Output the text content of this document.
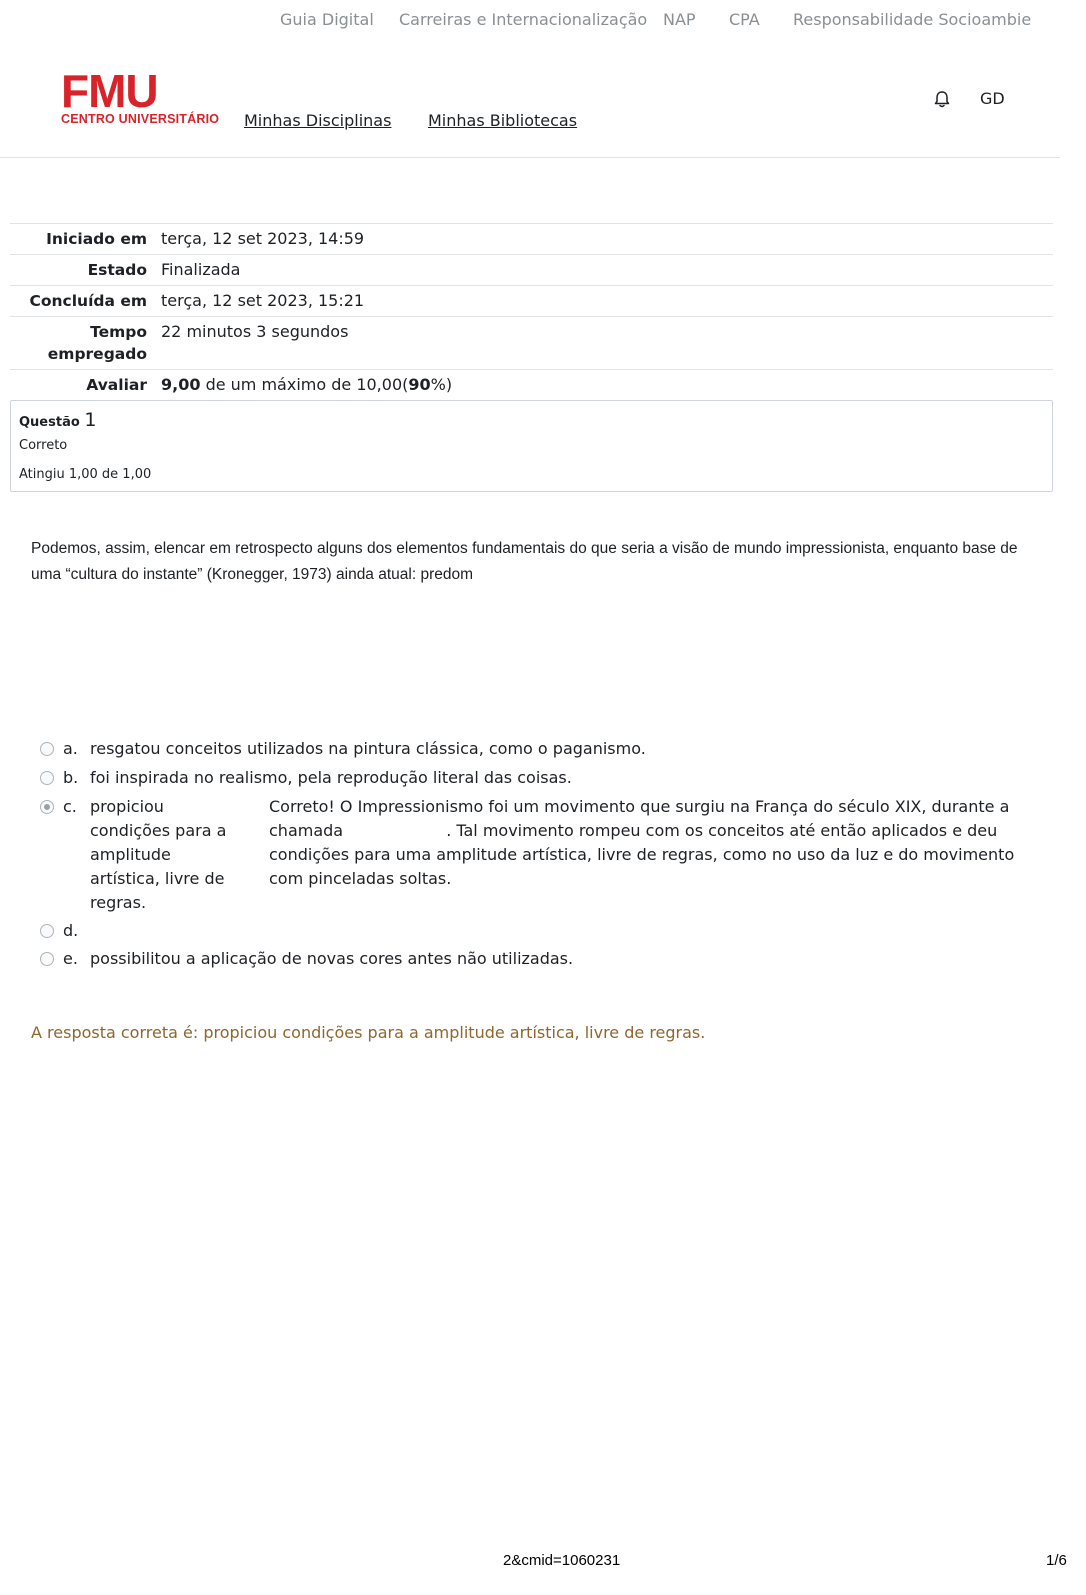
Guia Digital Carreiras e Internacionalização NAP CPA Responsabilidade Socioambie
FMU
CENTRO UNIVERSITÁRIO Minhas Disciplinas Minhas Bibliotecas
GD
Iniciado em	terça, 12 set 2023, 14:59
Estado	Finalizada
Concluída em	terça, 12 set 2023, 15:21
Tempo
empregado	22 minutos 3 segundos
Avaliar	9,00 de um máximo de 10,00(90%)
Questão 1
Correto
Atingiu 1,00 de 1,00
Podemos, assim, elencar em retrospecto alguns dos elementos fundamentais do que seria a visão de mundo impressionista, enquanto base de uma “cultura do instante” (Kronegger, 1973) ainda atual: predom
a. resgatou conceitos utilizados na pintura clássica, como o paganismo.
b. foi inspirada no realismo, pela reprodução literal das coisas.
c. propiciou condições para a amplitude artística, livre de regras.
Correto! O Impressionismo foi um movimento que surgiu na França do século XIX, durante a chamada	. Tal movimento rompeu com os conceitos até então aplicados e deu condições para uma amplitude artística, livre de regras, como no uso da luz e do movimento com pinceladas soltas.
d.
e. possibilitou a aplicação de novas cores antes não utilizadas.
A resposta correta é: propiciou condições para a amplitude artística, livre de regras.
2&cmid=1060231	1/6
